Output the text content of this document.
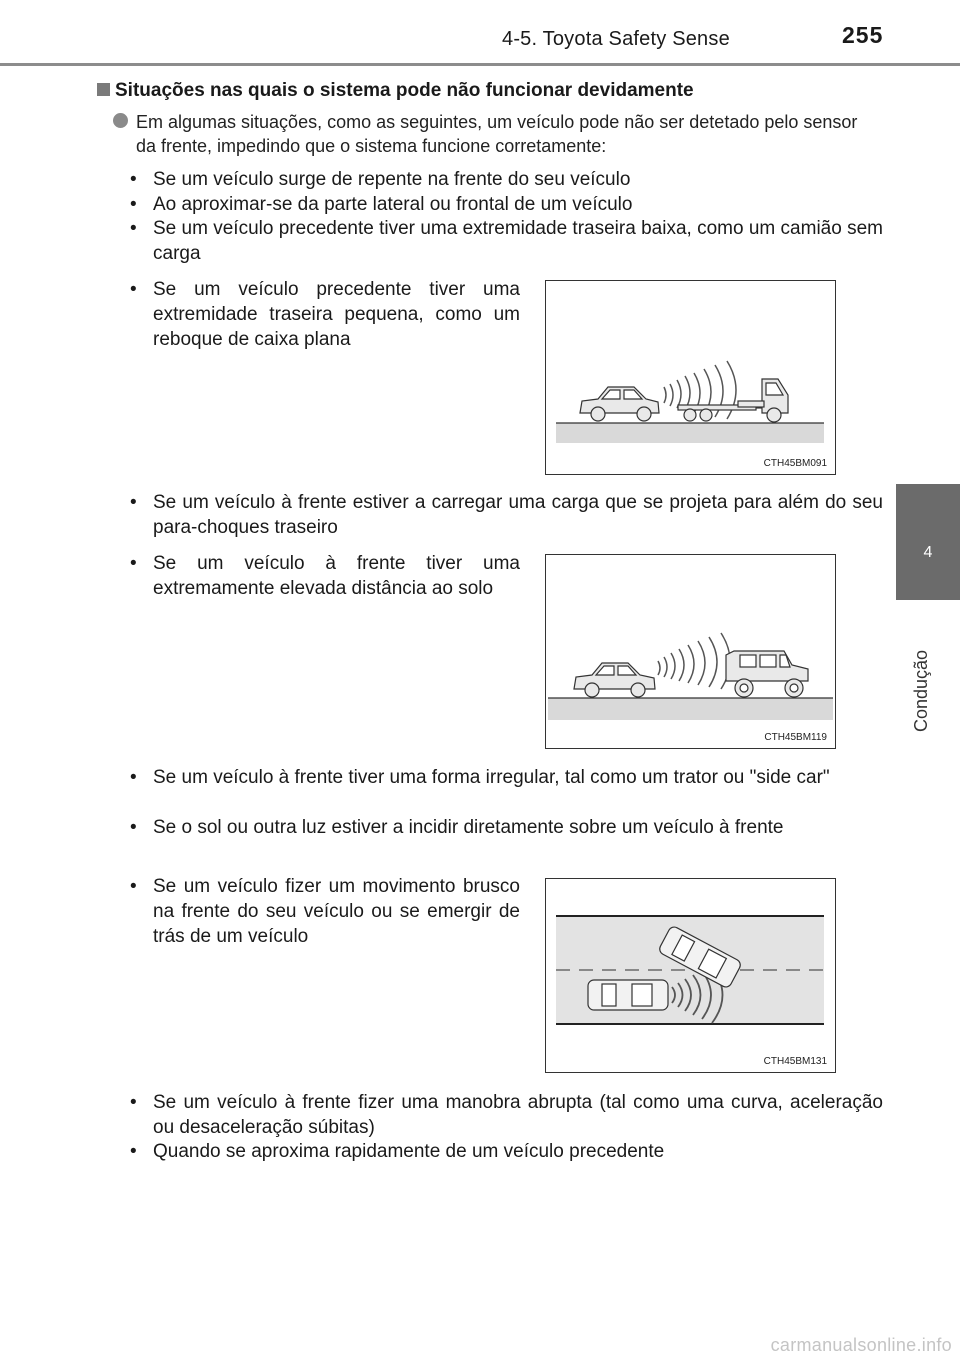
4-5. Toyota Safety Sense	255
4
Condução
Situações nas quais o sistema pode não funcionar devidamente
Em algumas situações, como as seguintes, um veículo pode não ser detetado pelo sensor da frente, impedindo que o sistema funcione corretamente:
• Se um veículo surge de repente na frente do seu veículo
• Ao aproximar-se da parte lateral ou frontal de um veículo
• Se um veículo precedente tiver uma extremidade traseira baixa, como um camião sem carga
• Se um veículo precedente tiver uma extremidade traseira pequena, como um reboque de caixa plana
• Se um veículo à frente estiver a carregar uma carga que se projeta para além do seu para-choques traseiro
• Se um veículo à frente tiver uma extremamente elevada distância ao solo
• Se um veículo à frente tiver uma forma irregular, tal como um trator ou "side car"
• Se o sol ou outra luz estiver a incidir diretamente sobre um veículo à frente
• Se um veículo fizer um movimento brusco na frente do seu veículo ou se emergir de trás de um veículo
• Se um veículo à frente fizer uma manobra abrupta (tal como uma curva, aceleração ou desaceleração súbitas)
• Quando se aproxima rapidamente de um veículo precedente
CTH45BM091
CTH45BM119
CTH45BM131
carmanualsonline.info
